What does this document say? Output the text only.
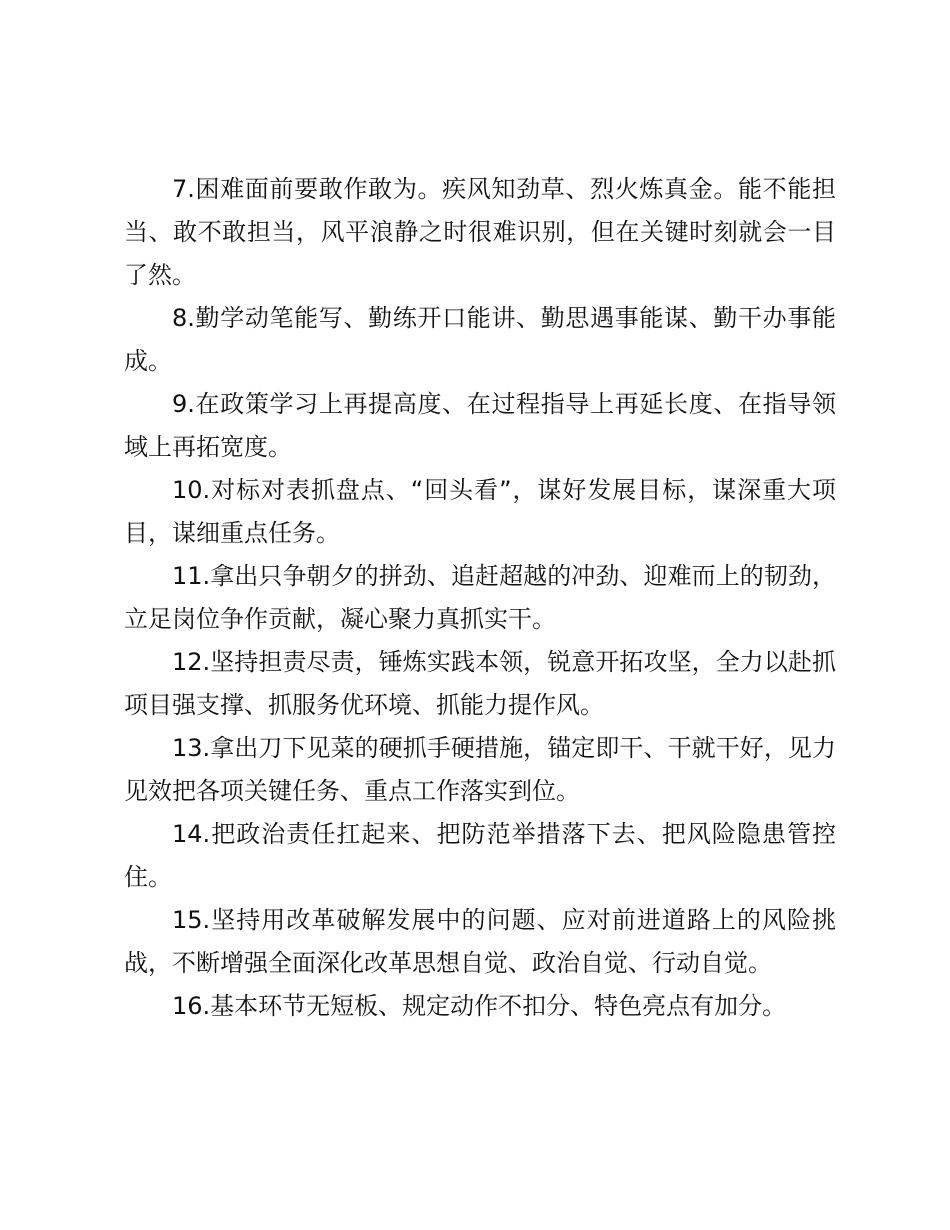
7.困难面前要敢作敢为。疾风知劲草、烈火炼真金。能不能担当、敢不敢担当，风平浪静之时很难识别，但在关键时刻就会一目了然。

8.勤学动笔能写、勤练开口能讲、勤思遇事能谋、勤干办事能成。

9.在政策学习上再提高度、在过程指导上再延长度、在指导领域上再拓宽度。

10.对标对表抓盘点、“回头看”，谋好发展目标，谋深重大项目，谋细重点任务。

11.拿出只争朝夕的拼劲、追赶超越的冲劲、迎难而上的韧劲，立足岗位争作贡献，凝心聚力真抓实干。

12.坚持担责尽责，锤炼实践本领，锐意开拓攻坚，全力以赴抓项目强支撑、抓服务优环境、抓能力提作风。

13.拿出刀下见菜的硬抓手硬措施，锚定即干、干就干好，见力见效把各项关键任务、重点工作落实到位。

14.把政治责任扛起来、把防范举措落下去、把风险隐患管控住。

15.坚持用改革破解发展中的问题、应对前进道路上的风险挑战，不断增强全面深化改革思想自觉、政治自觉、行动自觉。

16.基本环节无短板、规定动作不扣分、特色亮点有加分。
